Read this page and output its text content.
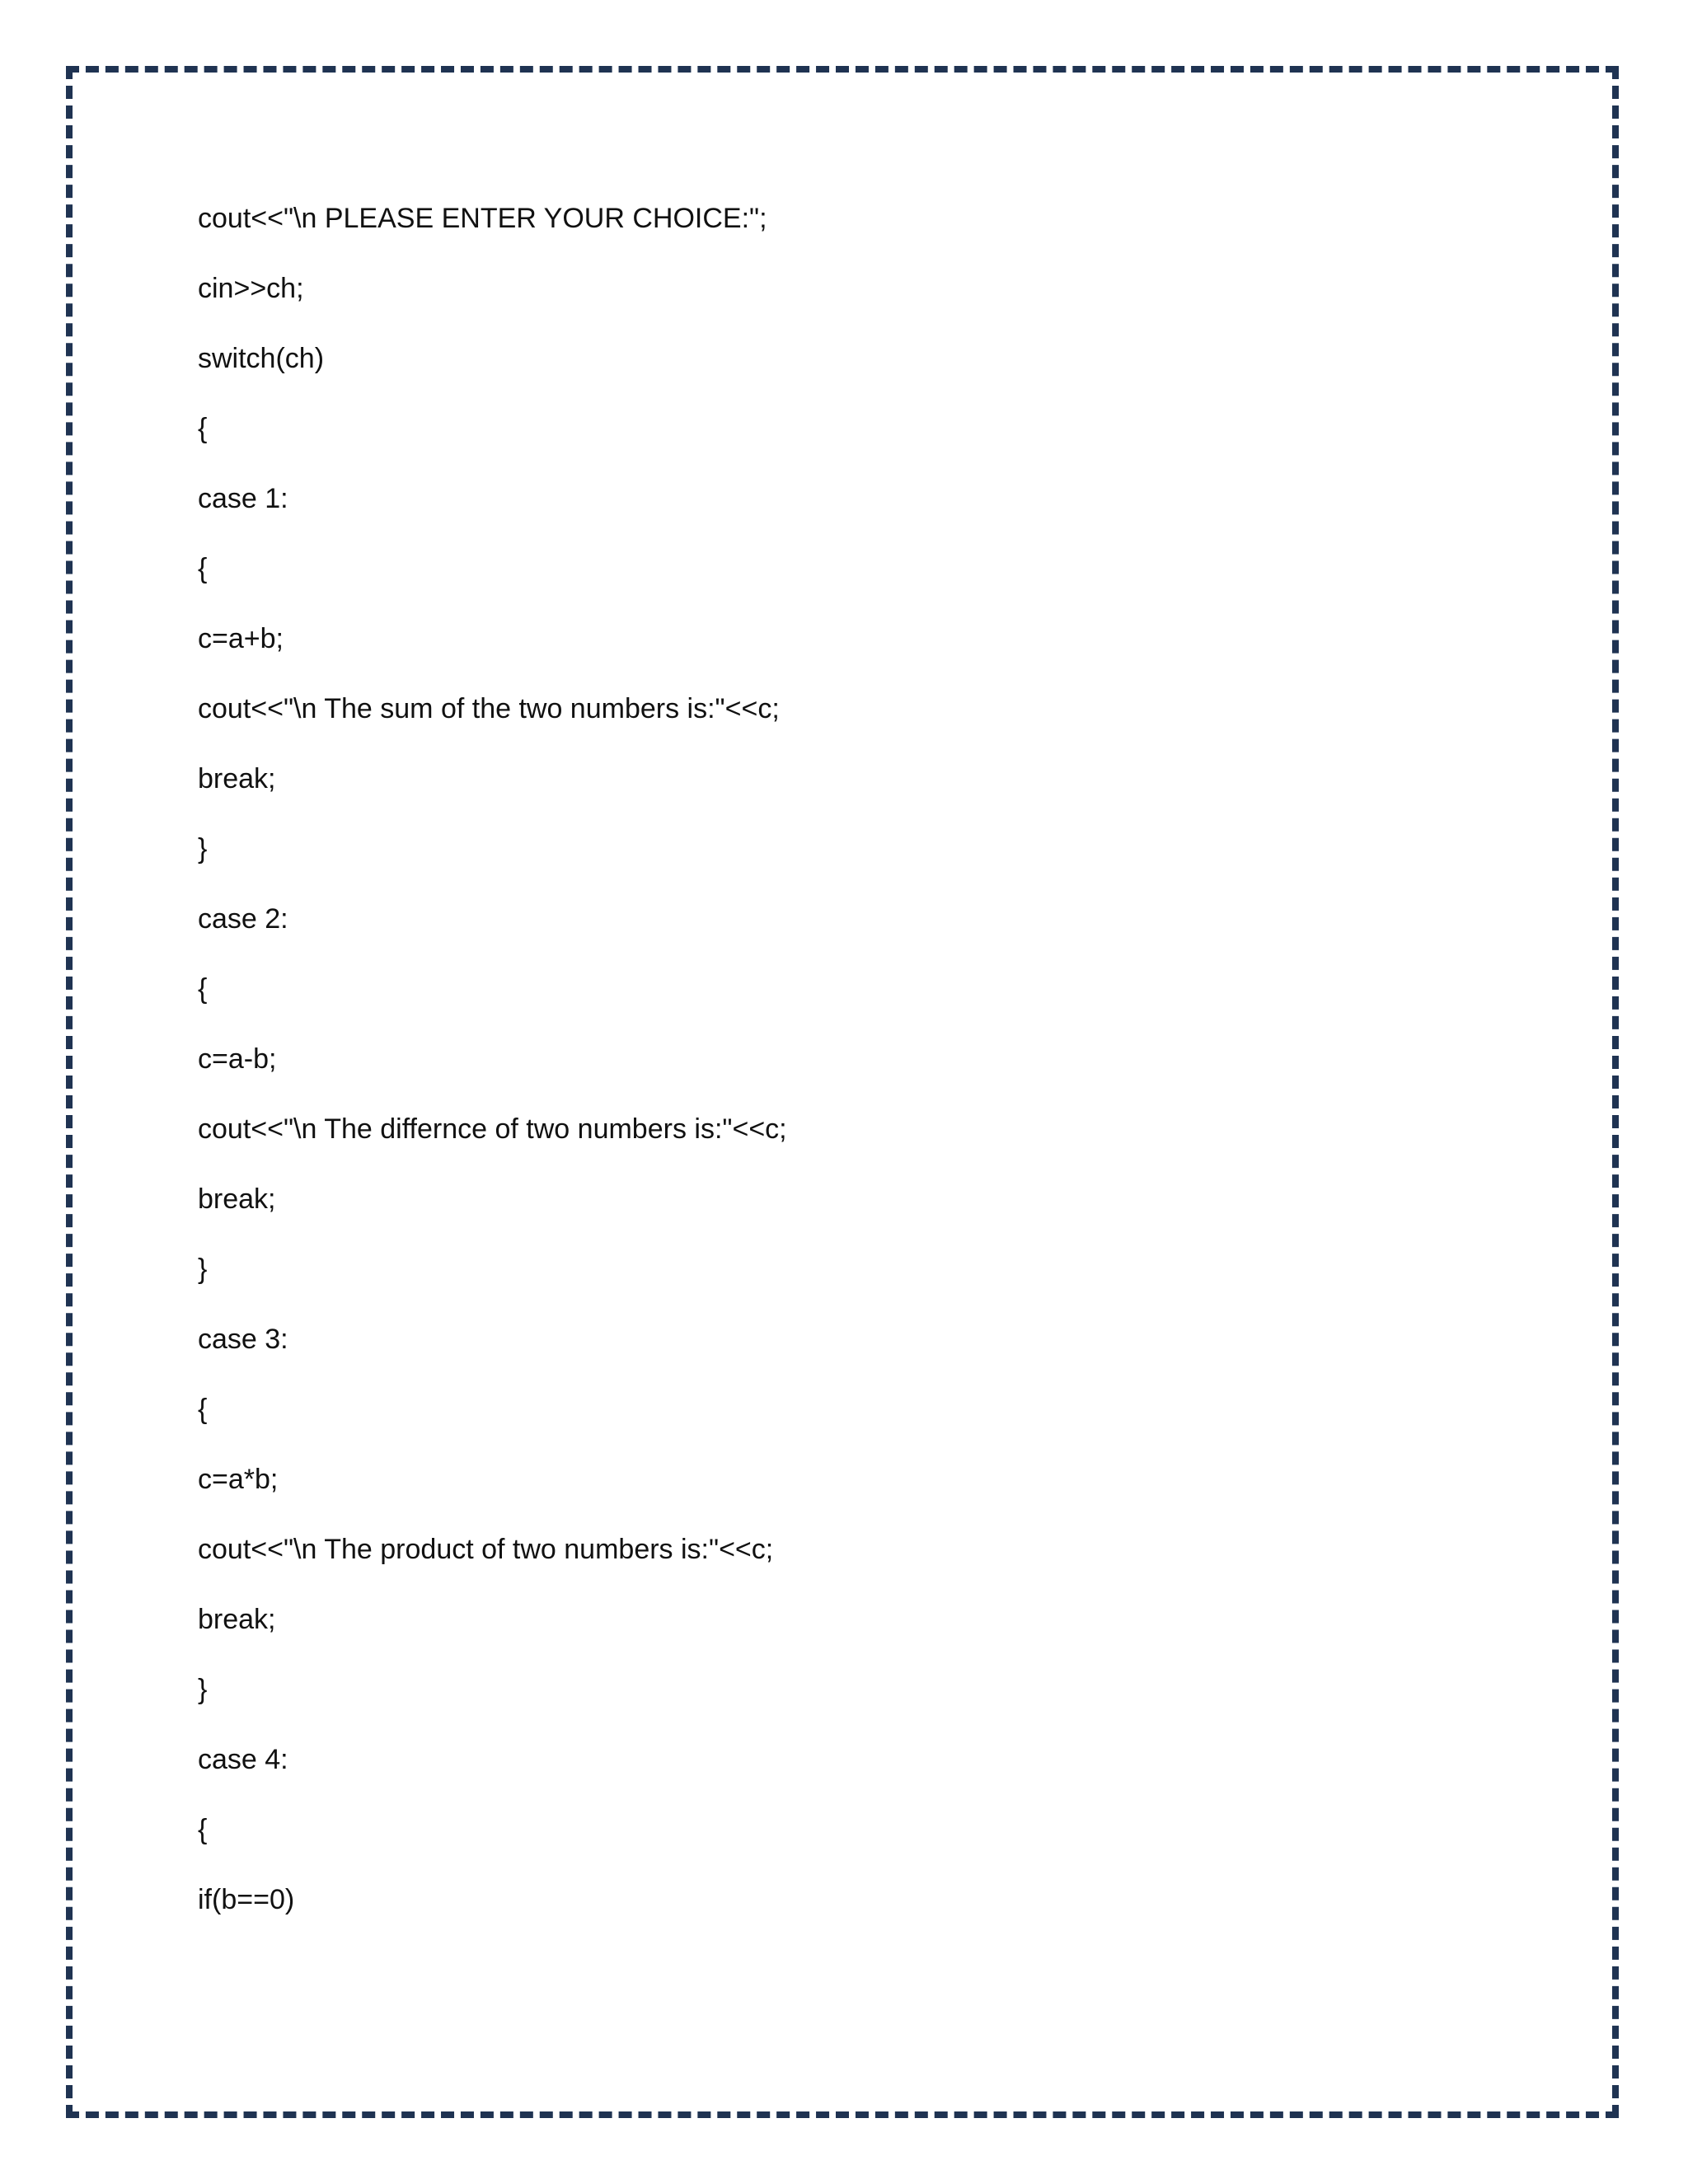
cout<<"\n PLEASE ENTER YOUR CHOICE:";
cin>>ch;
switch(ch)
{
case 1:
{
c=a+b;
cout<<"\n The sum of the two numbers is:"<<c;
break;
}
case 2:
{
c=a-b;
cout<<"\n The differnce of two numbers is:"<<c;
break;
}
case 3:
{
c=a*b;
cout<<"\n The product of two numbers is:"<<c;
break;
}
case 4:
{
if(b==0)
